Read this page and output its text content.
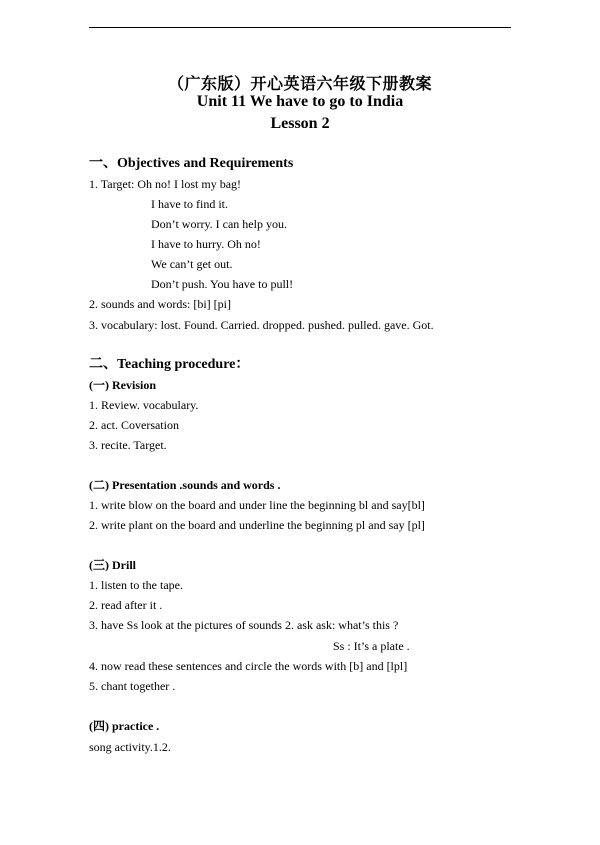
（广东版）开心英语六年级下册教案
Unit 11 We have to go to India
Lesson 2
一、Objectives and Requirements
1. Target: Oh no! I lost my bag!
I have to find it.
Don’t worry. I can help you.
I have to hurry. Oh no!
We can’t get out.
Don’t push. You have to pull!
2. sounds and words: [bi] [pi]
3. vocabulary: lost. Found. Carried. dropped. pushed. pulled. gave. Got.
二、Teaching procedure：
(一) Revision
1. Review. vocabulary.
2. act. Coversation
3. recite. Target.
(二) Presentation .sounds and words .
1. write blow on the board and under line the beginning bl and say[bl]
2. write plant on the board and underline the beginning pl and say [pl]
(三) Drill
1. listen to the tape.
2. read after it .
3. have Ss look at the pictures of sounds 2. ask ask: what’s this ?
Ss : It’s a plate .
4. now read these sentences and circle the words with [b] and [lpl]
5. chant together .
(四) practice .
song activity.1.2.
